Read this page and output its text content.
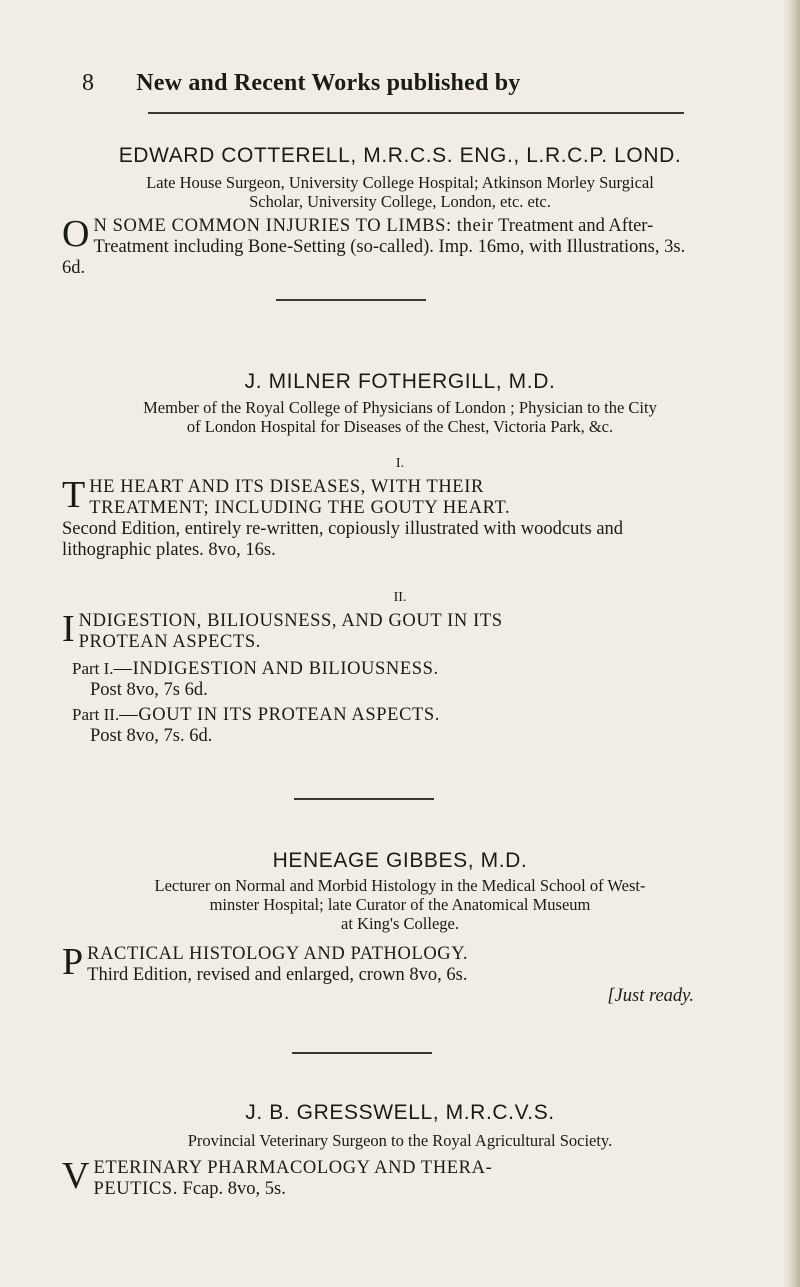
8 New and Recent Works published by
EDWARD COTTERELL, M.R.C.S. ENG., L.R.C.P. LOND.
Late House Surgeon, University College Hospital; Atkinson Morley Surgical
Scholar, University College, London, etc. etc.
O N SOME COMMON INJURIES TO LIMBS: their Treatment and After-Treatment including Bone-Setting (so-called). Imp. 16mo, with Illustrations, 3s. 6d.
J. MILNER FOTHERGILL, M.D.
Member of the Royal College of Physicians of London ; Physician to the City
of London Hospital for Diseases of the Chest, Victoria Park, &c.
I.
T HE HEART AND ITS DISEASES, WITH THEIR
TREATMENT; INCLUDING THE GOUTY HEART.
Second Edition, entirely re-written, copiously illustrated with woodcuts and lithographic plates. 8vo, 16s.
II.
I NDIGESTION, BILIOUSNESS, AND GOUT IN ITS
PROTEAN ASPECTS.
Part I.—INDIGESTION AND BILIOUSNESS.
Post 8vo, 7s 6d.
Part II.—GOUT IN ITS PROTEAN ASPECTS.
Post 8vo, 7s. 6d.
HENEAGE GIBBES, M.D.
Lecturer on Normal and Morbid Histology in the Medical School of West-
minster Hospital; late Curator of the Anatomical Museum
at King's College.
P RACTICAL HISTOLOGY AND PATHOLOGY.
Third Edition, revised and enlarged, crown 8vo, 6s.
[Just ready.
J. B. GRESSWELL, M.R.C.V.S.
Provincial Veterinary Surgeon to the Royal Agricultural Society.
V ETERINARY PHARMACOLOGY AND THERA-
PEUTICS. Fcap. 8vo, 5s.
